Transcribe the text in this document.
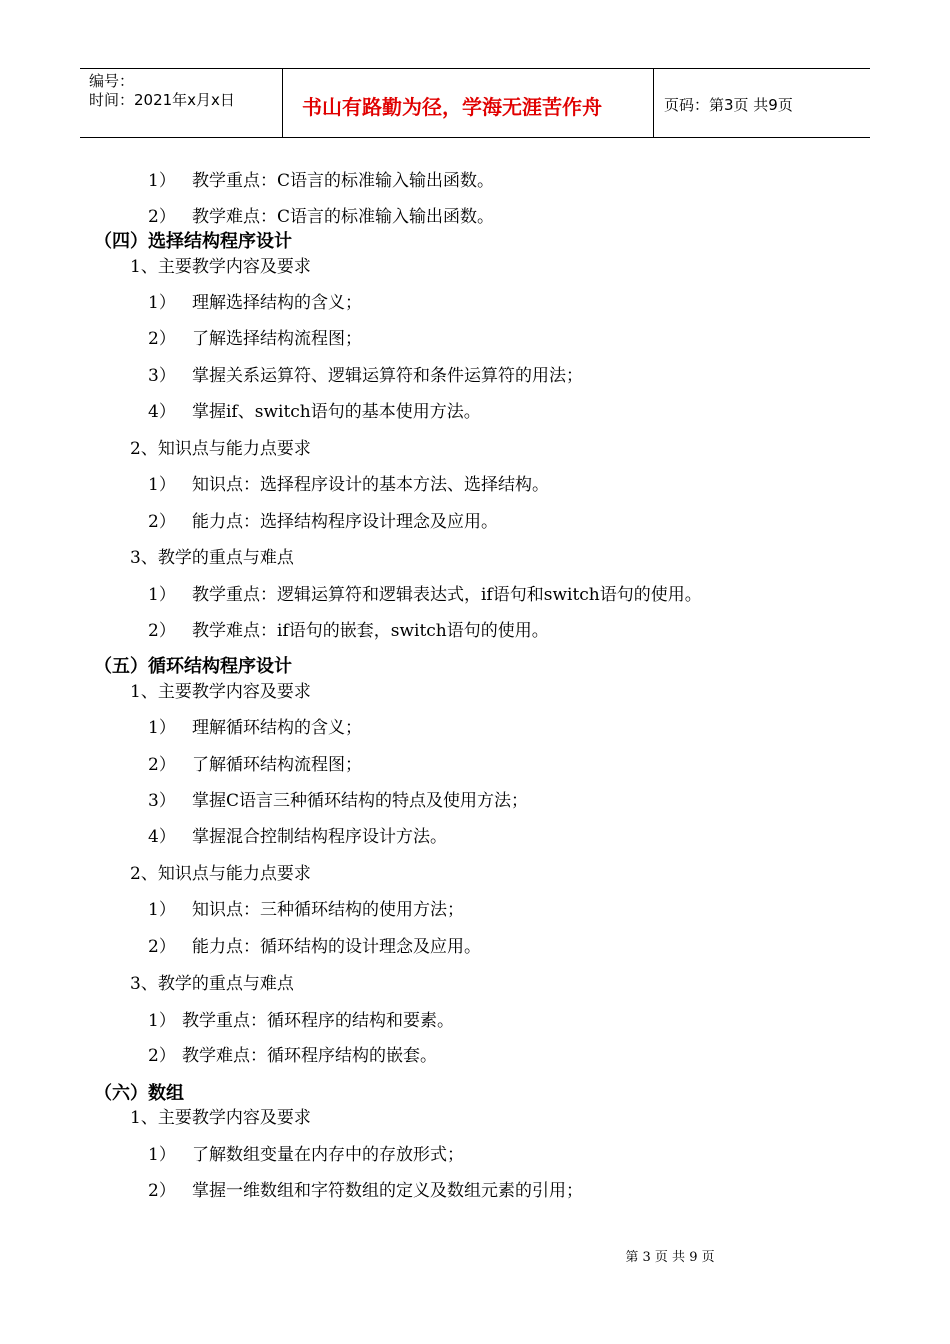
编号：
时间：2021年x月x日	书山有路勤为径，学海无涯苦作舟	页码：第3页 共9页
1） 教学重点：C语言的标准输入输出函数。
2） 教学难点：C语言的标准输入输出函数。
（四）选择结构程序设计
1、主要教学内容及要求
1） 理解选择结构的含义；
2） 了解选择结构流程图；
3） 掌握关系运算符、逻辑运算符和条件运算符的用法；
4） 掌握if、switch语句的基本使用方法。
2、知识点与能力点要求
1） 知识点：选择程序设计的基本方法、选择结构。
2） 能力点：选择结构程序设计理念及应用。
3、教学的重点与难点
1） 教学重点：逻辑运算符和逻辑表达式，if语句和switch语句的使用。
2） 教学难点：if语句的嵌套，switch语句的使用。
（五）循环结构程序设计
1、主要教学内容及要求
1） 理解循环结构的含义；
2） 了解循环结构流程图；
3） 掌握C语言三种循环结构的特点及使用方法；
4） 掌握混合控制结构程序设计方法。
2、知识点与能力点要求
1） 知识点：三种循环结构的使用方法；
2） 能力点：循环结构的设计理念及应用。
3、教学的重点与难点
1） 教学重点：循环程序的结构和要素。
2） 教学难点：循环程序结构的嵌套。
（六）数组
1、主要教学内容及要求
1） 了解数组变量在内存中的存放形式；
2） 掌握一维数组和字符数组的定义及数组元素的引用；
第 3 页 共 9 页
